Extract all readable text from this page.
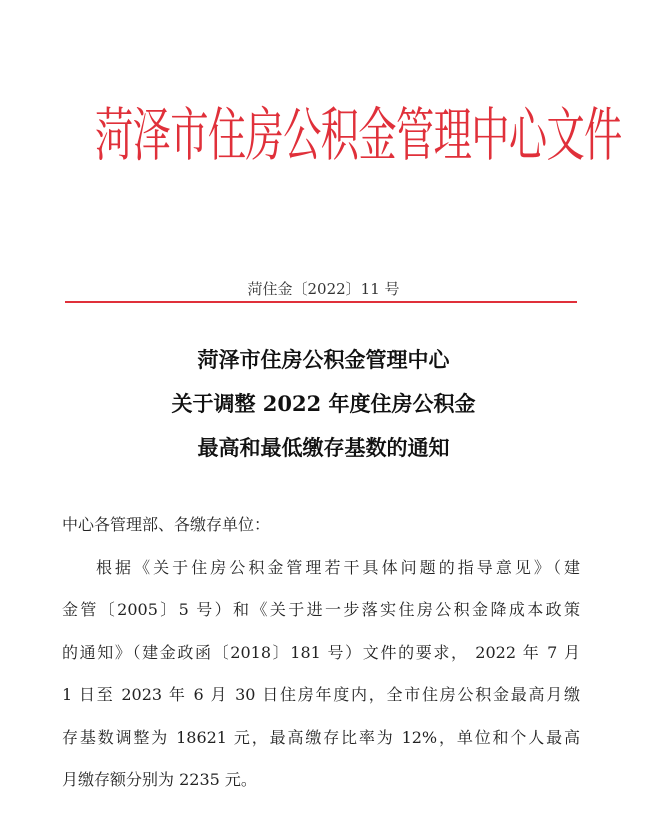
菏泽市住房公积金管理中心文件
菏住金〔2022〕11 号
菏泽市住房公积金管理中心
关于调整 2022 年度住房公积金
最高和最低缴存基数的通知
中心各管理部、各缴存单位：
根据《关于住房公积金管理若干具体问题的指导意见》（建
金管〔2005〕5 号）和《关于进一步落实住房公积金降成本政策
的通知》（建金政函〔2018〕181 号）文件的要求， 2022 年 7 月
1 日至 2023 年 6 月 30 日住房年度内，全市住房公积金最高月缴
存基数调整为 18621 元，最高缴存比率为 12%，单位和个人最高
月缴存额分别为 2235 元。
